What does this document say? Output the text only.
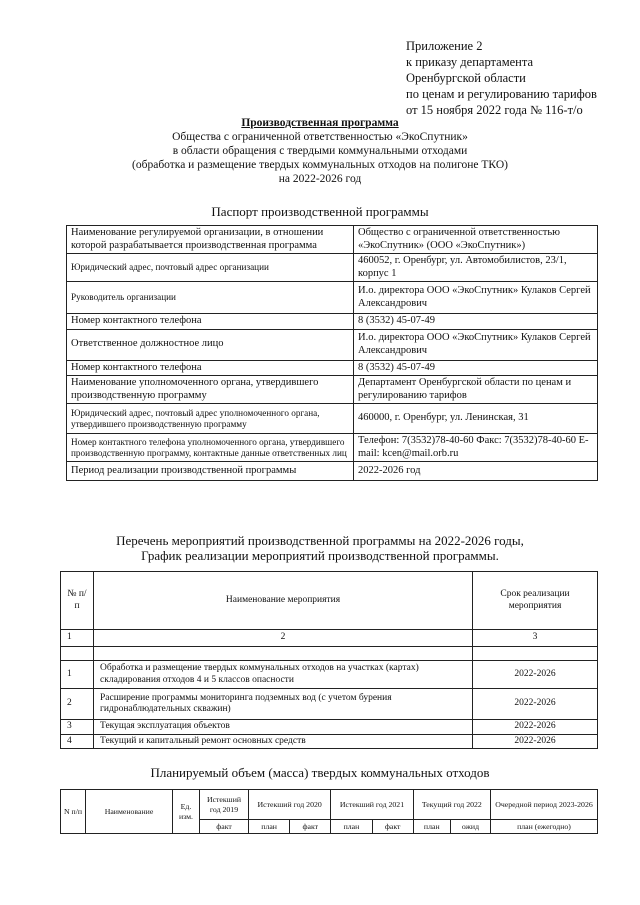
Приложение 2
к приказу департамента
Оренбургской области
по ценам и регулированию тарифов
от 15 ноября 2022 года № 116-т/о
Производственная программа
Общества с ограниченной ответственностью «ЭкоСпутник»
в области обращения с твердыми коммунальными отходами
(обработка и размещение твердых коммунальных отходов на полигоне ТКО)
на 2022-2026 год
Паспорт производственной программы
Наименование регулируемой организации, в отношении которой разрабатывается производственная программа	Общество с ограниченной ответственностью «ЭкоСпутник» (ООО «ЭкоСпутник»)
Юридический адрес, почтовый адрес организации	460052, г. Оренбург, ул. Автомобилистов, 23/1, корпус 1
Руководитель организации	И.о. директора ООО «ЭкоСпутник» Кулаков Сергей Александрович
Номер контактного телефона	8 (3532) 45-07-49
Ответственное должностное лицо	И.о. директора ООО «ЭкоСпутник» Кулаков Сергей Александрович
Номер контактного телефона	8 (3532) 45-07-49
Наименование уполномоченного органа, утвердившего производственную программу	Департамент Оренбургской области по ценам и регулированию тарифов
Юридический адрес, почтовый адрес уполномоченного органа, утвердившего производственную программу	460000, г. Оренбург, ул. Ленинская, 31
Номер контактного телефона уполномоченного органа, утвердившего производственную программу, контактные данные ответственных лиц	Телефон: 7(3532)78-40-60 Факс: 7(3532)78-40-60 E-mail: kcen@mail.orb.ru
Период реализации производственной программы	2022-2026 год
Перечень мероприятий производственной программы на 2022-2026 годы,
График реализации мероприятий производственной программы.
№ п/п	Наименование мероприятия	Срок реализации мероприятия
1	2	3

1	Обработка и размещение твердых коммунальных отходов на участках (картах) складирования отходов 4 и 5 классов опасности	2022-2026
2	Расширение программы мониторинга подземных вод (с учетом бурения гидронаблюдательных скважин)	2022-2026
3	Текущая эксплуатация объектов	2022-2026
4	Текущий и капитальный ремонт основных средств	2022-2026
Планируемый объем (масса) твердых коммунальных отходов
N п/п	Наименование	Ед. изм.	Истекший год 2019	Истекший год 2020		Истекший год 2021		Текущий год 2022		Очередной период 2023-2026
			факт	план	факт	план	факт	план	ожид	план (ежегодно)
